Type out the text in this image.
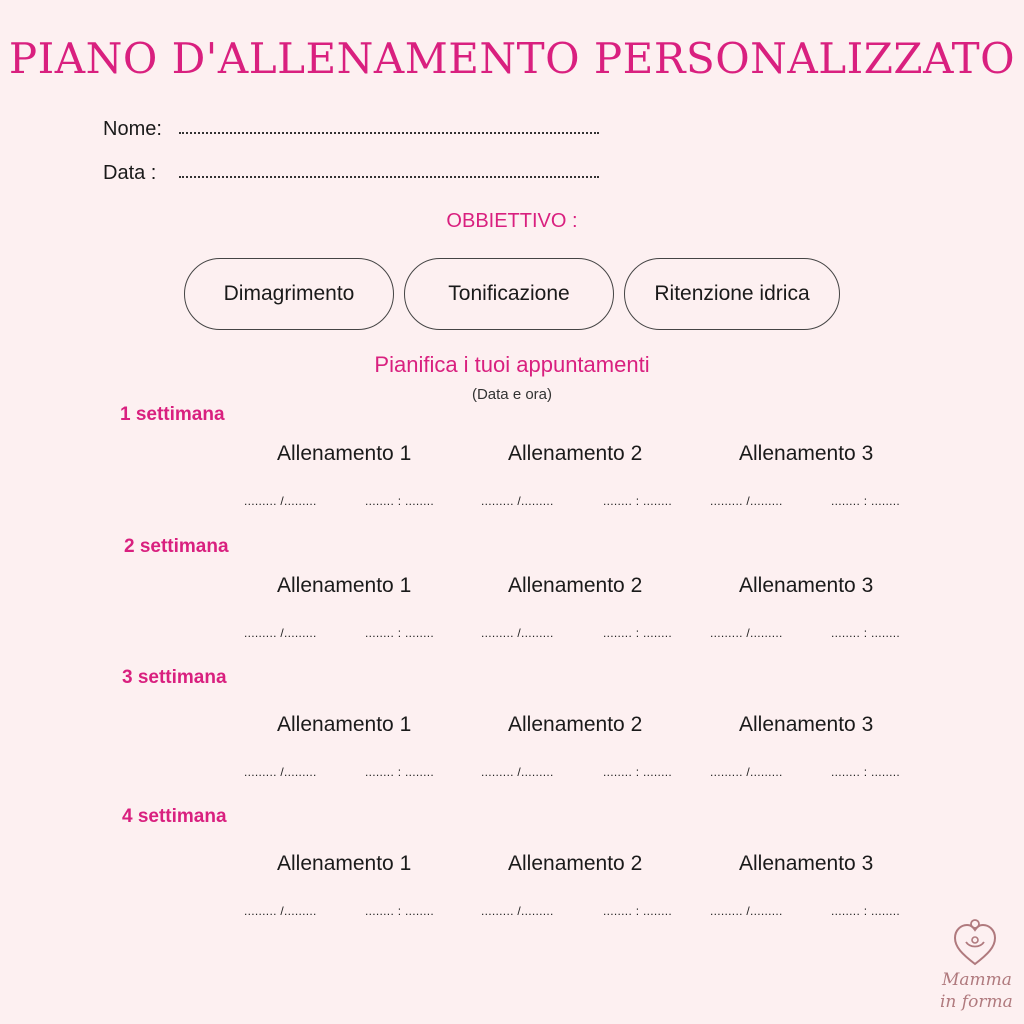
PIANO D'ALLENAMENTO PERSONALIZZATO
Nome:
Data :
OBBIETTIVO :
Dimagrimento	Tonificazione	Ritenzione idrica
Pianifica i tuoi appuntamenti
(Data e ora)
1 settimana
Allenamento 1	Allenamento 2	Allenamento 3
......... /.........	........ : ........	......... /.........	........ : ........	......... /.........	........ : ........
2 settimana
Allenamento 1	Allenamento 2	Allenamento 3
......... /.........	........ : ........	......... /.........	........ : ........	......... /.........	........ : ........
3 settimana
Allenamento 1	Allenamento 2	Allenamento 3
......... /.........	........ : ........	......... /.........	........ : ........	......... /.........	........ : ........
4 settimana
Allenamento 1	Allenamento 2	Allenamento 3
......... /.........	........ : ........	......... /.........	........ : ........	......... /.........	........ : ........
Mamma
in forma
